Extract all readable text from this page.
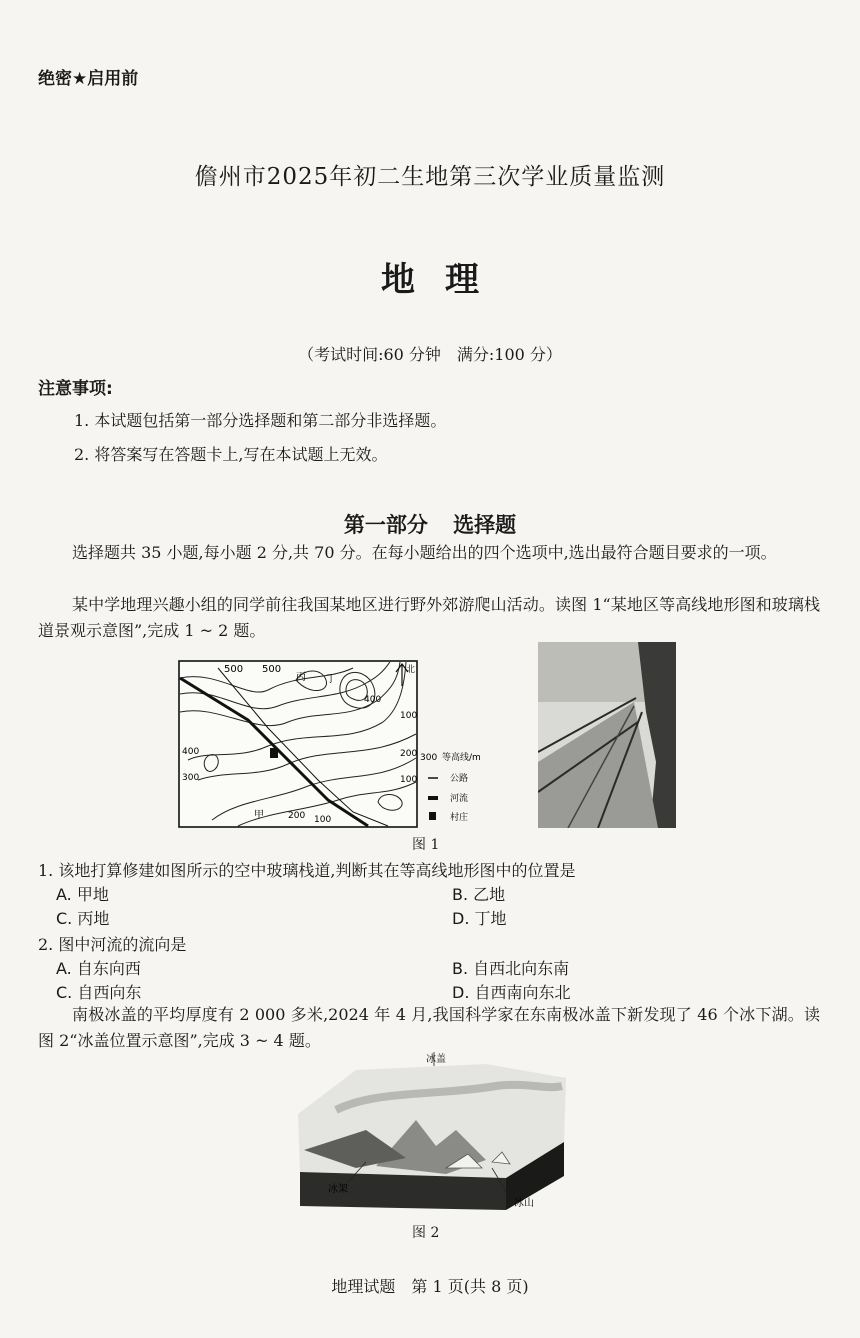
绝密★启用前
儋州市2025年初二生地第三次学业质量监测
地理
（考试时间:60 分钟　满分:100 分）
注意事项:
1. 本试题包括第一部分选择题和第二部分非选择题。
2. 将答案写在答题卡上,写在本试题上无效。
第一部分 选择题
选择题共 35 小题,每小题 2 分,共 70 分。在每小题给出的四个选项中,选出最符合题目要求的一项。
某中学地理兴趣小组的同学前往我国某地区进行野外郊游爬山活动。读图 1“某地区等高线地形图和玻璃栈道景观示意图”,完成 1 ~ 2 题。
北
500 500
丙 丁
400
100
400
300
200
100
200 100
甲
300 等高线/m
公路
河流
村庄
图 1
1. 该地打算修建如图所示的空中玻璃栈道,判断其在等高线地形图中的位置是
A. 甲地	B. 乙地
C. 丙地	D. 丁地
2. 图中河流的流向是
A. 自东向西	B. 自西北向东南
C. 自西向东	D. 自西南向东北
南极冰盖的平均厚度有 2 000 多米,2024 年 4 月,我国科学家在东南极冰盖下新发现了 46 个冰下湖。读图 2“冰盖位置示意图”,完成 3 ~ 4 题。
冰盖
冰架
冰山
图 2
地理试题　第 1 页(共 8 页)
